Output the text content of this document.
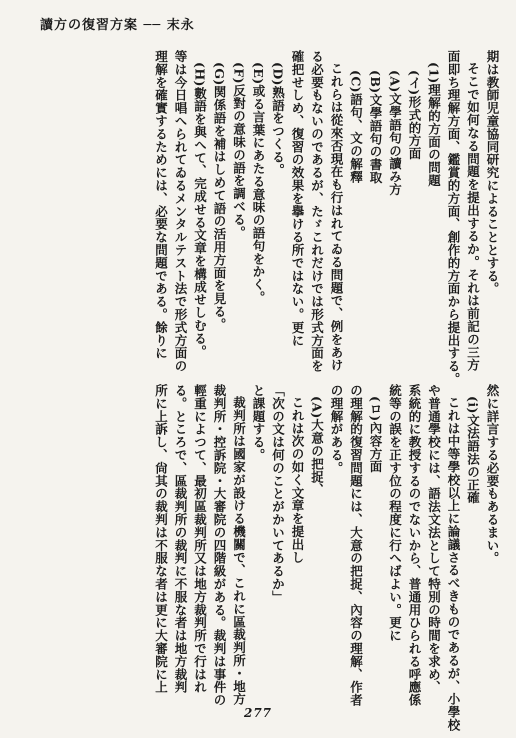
讀方の復習方案 ── 末永
期は教師児童協同研究によることとする。
そこで如何なる問題を提出するか。それは前記の三方
面即ち理解方面、鑑賞的方面、創作的方面から提出する。
(1)理解的方面の問題
(イ)形式的方面
(A)文學語句の讀み方
(B)文學語句の書取
(C)語句、文の解釋
これらは從來否現在も行はれてゐる問題で、例をあけ
る必要もないのであるが、たゞこれだけでは形式方面を
確把せしめ、復習の效果を擧ける所ではない。更に
(D)熟語をつくる。
(E)或る言葉にあたる意味の語句をかく。
(F)反對の意味の語を調べる。
(G)関係語を補はしめて語の活用方面を見る。
(H)數語を與へて、完成せる文章を構成せしむる。
等は今日唱へられてゐるメンタルテスト法で形式方面の
理解を確實するためには、必要な問題である。餘りに
然に詳言する必要もあるまい。
(i)文法語法の正確
これは中等學校以上に論議さるべきものであるが、小學校
や普通學校には、語法文法として特別の時間を求め、
系統的に教授するのでないから、普通用ひられる呼應係
統等の誤を正す位の程度に行へばよい。更に
(ロ)內容方面
の理解的復習問題には、大意の把捉、內容の理解、作者
の理解がある。
(A)大意の把捉、
これは次の如く文章を提出し
「次の文は何のことがかいてあるか」
と課題する。
裁判所は國家が設ける機關で、これに區裁判所・地方
裁判所・控訴院・大審院の四階級がある。裁判は事件の
輕重によつて、最初區裁判所又は地方裁判所で行はれ
る。ところで、區裁判所の裁判に不服な者は地方裁判
所に上訴し、尙其の裁判は不服な者は更に大審院に上
277
